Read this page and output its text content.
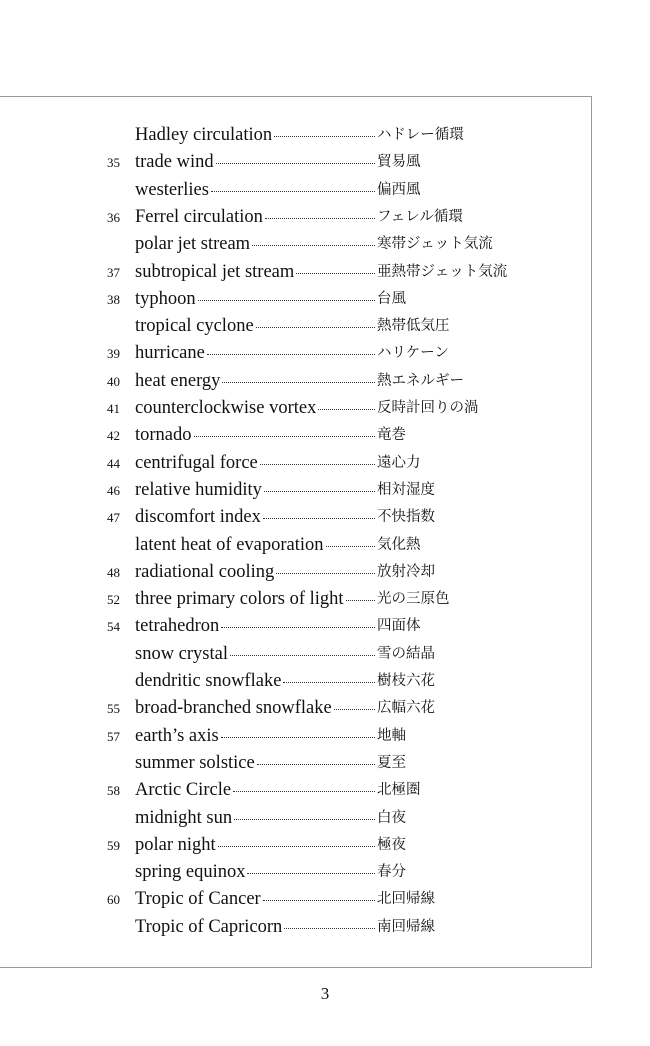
Hadley circulation	ハドレー循環
35 trade wind	貿易風
westerlies	偏西風
36 Ferrel circulation	フェレル循環
polar jet stream	寒帯ジェット気流
37 subtropical jet stream	亜熱帯ジェット気流
38 typhoon	台風
tropical cyclone	熱帯低気圧
39 hurricane	ハリケーン
40 heat energy	熱エネルギー
41 counterclockwise vortex	反時計回りの渦
42 tornado	竜巻
44 centrifugal force	遠心力
46 relative humidity	相対湿度
47 discomfort index	不快指数
latent heat of evaporation	気化熱
48 radiational cooling	放射冷却
52 three primary colors of light 光の三原色
54 tetrahedron	四面体
snow crystal	雪の結晶
dendritic snowflake	樹枝六花
55 broad-branched snowflake	広幅六花
57 earth’s axis	地軸
summer solstice	夏至
58 Arctic Circle	北極圏
midnight sun	白夜
59 polar night	極夜
spring equinox	春分
60 Tropic of Cancer	北回帰線
Tropic of Capricorn	南回帰線
3
